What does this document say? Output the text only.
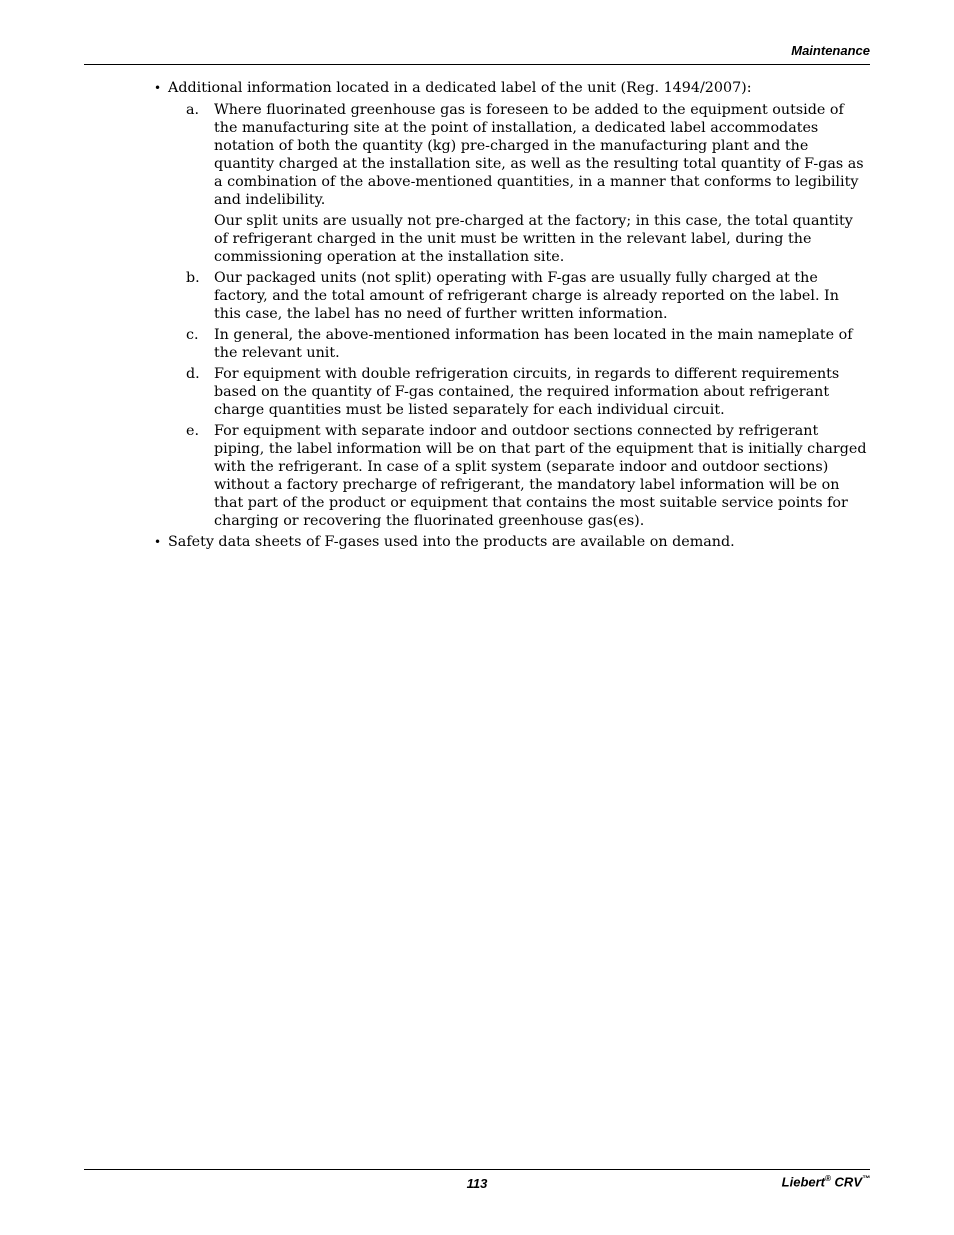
Maintenance
• Additional information located in a dedicated label of the unit (Reg. 1494/2007):
a. Where fluorinated greenhouse gas is foreseen to be added to the equipment outside of the manufacturing site at the point of installation, a dedicated label accommodates notation of both the quantity (kg) pre-charged in the manufacturing plant and the quantity charged at the installation site, as well as the resulting total quantity of F-gas as a combination of the above-mentioned quantities, in a manner that conforms to legibility and indelibility.

Our split units are usually not pre-charged at the factory; in this case, the total quantity of refrigerant charged in the unit must be written in the relevant label, during the commissioning operation at the installation site.

b. Our packaged units (not split) operating with F-gas are usually fully charged at the factory, and the total amount of refrigerant charge is already reported on the label. In this case, the label has no need of further written information.

c. In general, the above-mentioned information has been located in the main nameplate of the relevant unit.

d. For equipment with double refrigeration circuits, in regards to different requirements based on the quantity of F-gas contained, the required information about refrigerant charge quantities must be listed separately for each individual circuit.

e. For equipment with separate indoor and outdoor sections connected by refrigerant piping, the label information will be on that part of the equipment that is initially charged with the refrigerant. In case of a split system (separate indoor and outdoor sections) without a factory precharge of refrigerant, the mandatory label information will be on that part of the product or equipment that contains the most suitable service points for charging or recovering the fluorinated greenhouse gas(es).

• Safety data sheets of F-gases used into the products are available on demand.
113	Liebert® CRV™
